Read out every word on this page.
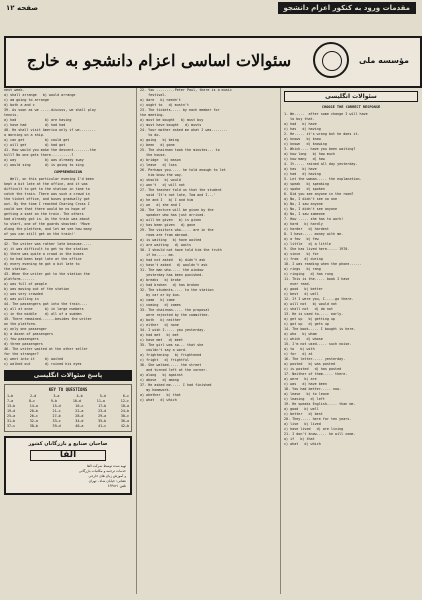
صفحه ۱۲	مقدمات ورود به کنکور اعزام دانشجو
سئوالات اساسی اعزام دانشجو به خارج	مؤسسه ملی
next week.
a) shall arrange   b) would arrange
c) am going to arrange
d) both a and c
39. As soon as we .....discuss, we shall play
tennis.
a) had              b) are having
c) have had         d) had had
40. He shall visit America only if we........
a morning on a ship.
a) can get          b) could get
c) will get         d) had got
41. How would you make the descent........the
hill? No one gets there..........?
a) way              b) was already sway
c) would sing       d) is going to sing
COMPREHENSION
Well, on this particular evening I'd been
kept a bit late at the office, and it was
difficult to get to the station in time to
catch the train. There was such a crowd in
the ticket office, and buses gradually got
out. By the time I reached Charing Cross I
could see that there would be no hope of
getting a seat on the train. The others
had already got in. As the train was about
to start, one of the guards shouted: 'Move
along the platform, and let me see how many
of you can still get on the train!'
42. The writer was rather late because.....
a) it was difficult to get to the station
b) there was quite a crowd in the buses
c) he had been kept late at the office
d) every evening he got a bit late to
the station.
43. When the writer got to the station the
platform.......
a) was full of people
b) was moving out of the station
c) was very crowded
d) was pulling in
44. The passengers got into the train....
a) all at once      b) in large numbers
c) in the middle    d) all of a sudden
45. There remained.......besides the writer
on the platform.
a) only one passenger
b) a dozen of passengers
c) few passengers
d) three passengers
46. The writer waited at the other seller
for the stranger?
a) went into it     b) waited
c) walked out       d) ruined his eyes
پاسخ سئوالات انگلیسی
KEY TO QUESTIONS
1—b	2—d	3—a	4—b	5—d	6—c
7—a	8—c	9—b	10—d	11—a	12—c
13—b	14—a	15—d	16—c	17—b	18—a
19—d	20—b	21—c	22—a	23—d	24—b
25—a	26—c	27—b	28—d	29—a	30—c
31—b	32—a	33—c	34—d	35—b	36—a
37—c	38—b	39—d	40—a	41—c	42—b
صاحبان صنایع و بازرگانان کشور
الفا
تهیه شده توسط شرکت الفا
خدمات ترجمه و مکاتبات بازرگانی
و آموزش زبان های خارجی
نشانی: خیابان شاه ، تهران
تلفن ۶۶۴۸۲۱
22. You .........Peter Paul, there is a music
festival.
a) dare   b) needn't
c) ought to   d) mustn't
23. The tickets..... by each member for
the meeting.
a) must be bought   b) must buy
c) must have bought   d) musts
24. Your mother asked me what I was........
to do.
a) going   b) being
c) been   d) gone
25. The chairman took the minutes... to
the house.
a) bridge   b) mason
c) leave   d) loss
26. Perhaps you..... he told enough to let
him know the way.
a) should   b) would
c) won't   d) will not
27. The teacher told us that the student
said 'It's not late, Tom and I...'
a) he and I   b) I and him
c) we   d) she and I
28. The lecture will be given by the
speaker who has just arrived.
a) will be given   b) is given
c) has been given   d) gave
29. The visitors who..... are in the
room are from abroad.
a) is waiting   b) have waited
c) are waiting   d) waits
30. I should not have told him the truth
if he..... me.
a) had not asked   b) didn't ask
c) hasn't asked   d) wouldn't ask
31. The man who..... the window
yesterday has been punished.
a) breaks   b) broke
c) had broken   d) has broken
32. The students..... to the station
by car or by bus.
a) came   b) come
c) coming   d) comes
33. The chairman..... the proposal
were rejected by the committee.
a) both   b) neither
c) either   d) none
34. I wish I..... you yesterday.
a) had met   b) met
c) have met   d) meet
35. The girl was so... that she
couldn't say a word.
a) frightening   b) frightened
c) fright   d) frightful
36. She walked..... the street
and turned left at the corner.
a) along   b) against
c) above   d) among
37. He asked me..... I had finished
my homework.
a) whether   b) that
c) what   d) which
سئوالات انگلیسی
CHOOSE THE CORRECT RESPONSE
1. We.....  after some change I will have
to buy that.
a) had   b) have
c) has   d) having
2. He..... it's wrong but he does it.
a) knows   b) know
c) known   d) knowing
3. Which.... have you been waiting?
a) how long   b) how much
c) how many   d) how
4. It..... rained all day yesterday.
a) has   b) have
c) had   d) having
5. Let the woman..... the explanation.
a) speak   b) speaking
c) spoke   d) spoken
6. Did you see anyone in the room?
a) No, I didn't see no one
b) No, I saw anyone
c) No, I didn't see anyone
d) No, I saw someone
7. How ..... she has to work!
a) hard   b) hardly
c) harder   d) hardest
8. I have..... money with me.
a) a few   b) few
c) little   d) a little
9. She has lived here..... 1970.
a) since   b) for
c) from   d) during
10. I was reading when the phone......
a) rings   b) rang
c) ringing   d) has rung
11. This is the..... book I have
ever read.
a) good   b) better
c) best   d) well
12. If I were you, I.....go there.
a) will not   b) would not
c) shall not   d) do not
13. He is used to..... early.
a) get up   b) getting up
c) got up   d) gets up
14. The book..... I bought is here.
a) who   b) whom
c) which   d) whose
15. I'm not used..... such noise.
a) to   b) with
c) for   d) at
16. The letter..... yesterday.
a) posted   b) was posted
c) is posted   d) has posted
17. Neither of them..... there.
a) were   b) are
c) was   d) have been
18. You had better..... now.
a) leave   b) to leave
c) leaving   d) left
19. He speaks English..... than me.
a) good   b) well
c) better   d) best
20. They..... here for ten years.
a) live   b) lived
c) have lived   d) are living
21. I don't know..... he will come.
a) if   b) that
c) what   d) which
